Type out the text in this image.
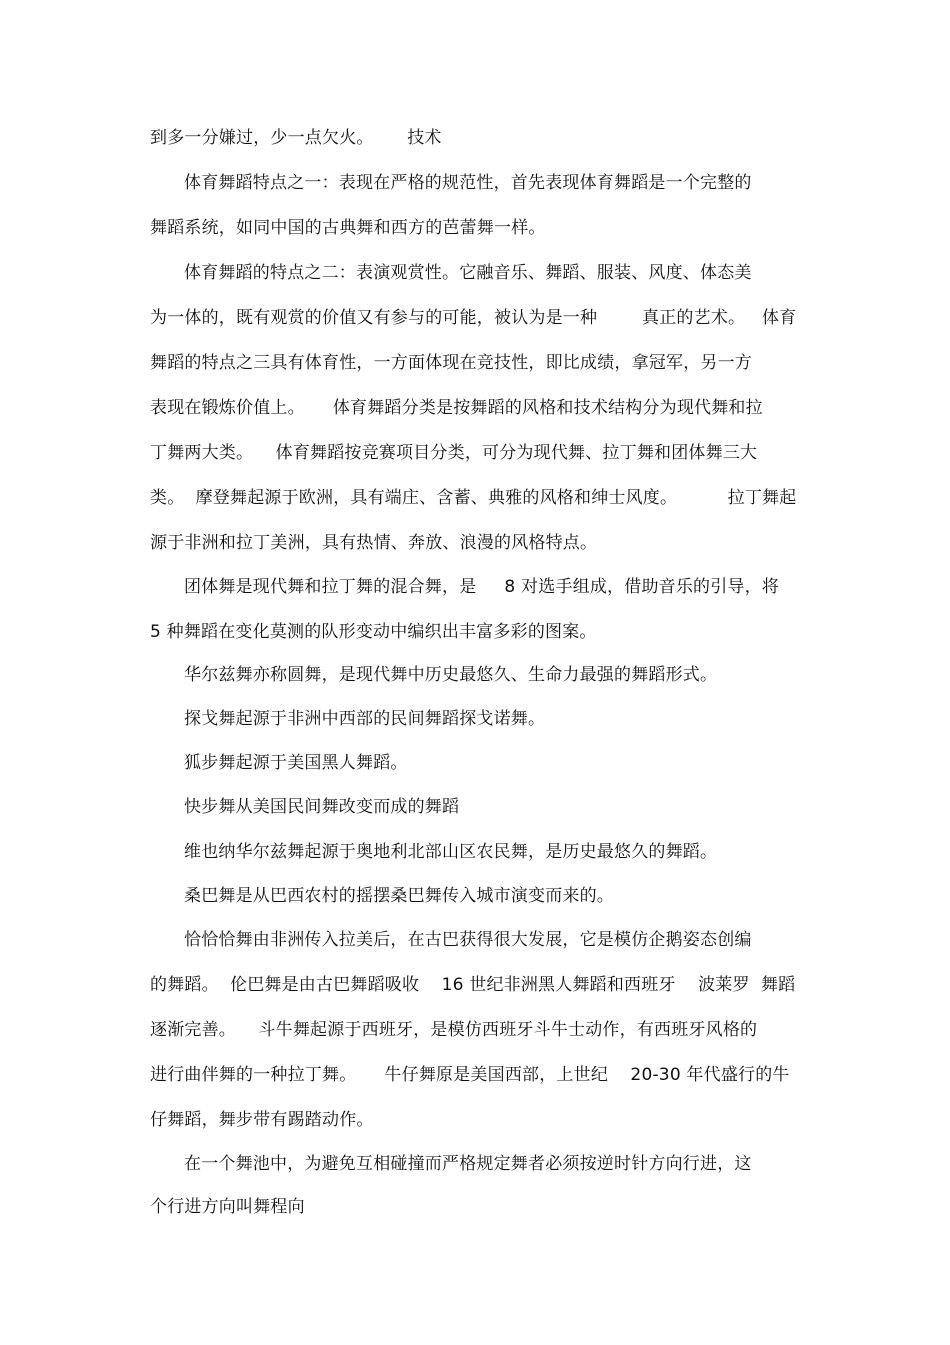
到多一分嫌过，少一点欠火。      技术
体育舞蹈特点之一：表现在严格的规范性，首先表现体育舞蹈是一个完整的
舞蹈系统，如同中国的古典舞和西方的芭蕾舞一样。
体育舞蹈的特点之二：表演观赏性。它融音乐、舞蹈、服装、风度、体态美
为一体的，既有观赏的价值又有参与的可能，被认为是一种        真正的艺术。   体育
舞蹈的特点之三具有体育性，一方面体现在竞技性，即比成绩，拿冠军，另一方
表现在锻炼价值上。     体育舞蹈分类是按舞蹈的风格和技术结构分为现代舞和拉
丁舞两大类。    体育舞蹈按竞赛项目分类，可分为现代舞、拉丁舞和团体舞三大
类。  摩登舞起源于欧洲，具有端庄、含蓄、典雅的风格和绅士风度。         拉丁舞起
源于非洲和拉丁美洲，具有热情、奔放、浪漫的风格特点。
团体舞是现代舞和拉丁舞的混合舞，是     8 对选手组成，借助音乐的引导，将
5 种舞蹈在变化莫测的队形变动中编织出丰富多彩的图案。
华尔兹舞亦称圆舞，是现代舞中历史最悠久、生命力最强的舞蹈形式。
探戈舞起源于非洲中西部的民间舞蹈探戈诺舞。
狐步舞起源于美国黑人舞蹈。
快步舞从美国民间舞改变而成的舞蹈
维也纳华尔兹舞起源于奥地利北部山区农民舞，是历史最悠久的舞蹈。
桑巴舞是从巴西农村的摇摆桑巴舞传入城市演变而来的。
恰恰恰舞由非洲传入拉美后，在古巴获得很大发展，它是模仿企鹅姿态创编
的舞蹈。  伦巴舞是由古巴舞蹈吸收    16 世纪非洲黑人舞蹈和西班牙    波莱罗  舞蹈
逐渐完善。    斗牛舞起源于西班牙，是模仿西班牙斗牛士动作，有西班牙风格的
进行曲伴舞的一种拉丁舞。     牛仔舞原是美国西部，上世纪    20-30 年代盛行的牛
仔舞蹈，舞步带有踢踏动作。
在一个舞池中，为避免互相碰撞而严格规定舞者必须按逆时针方向行进，这
个行进方向叫舞程向
